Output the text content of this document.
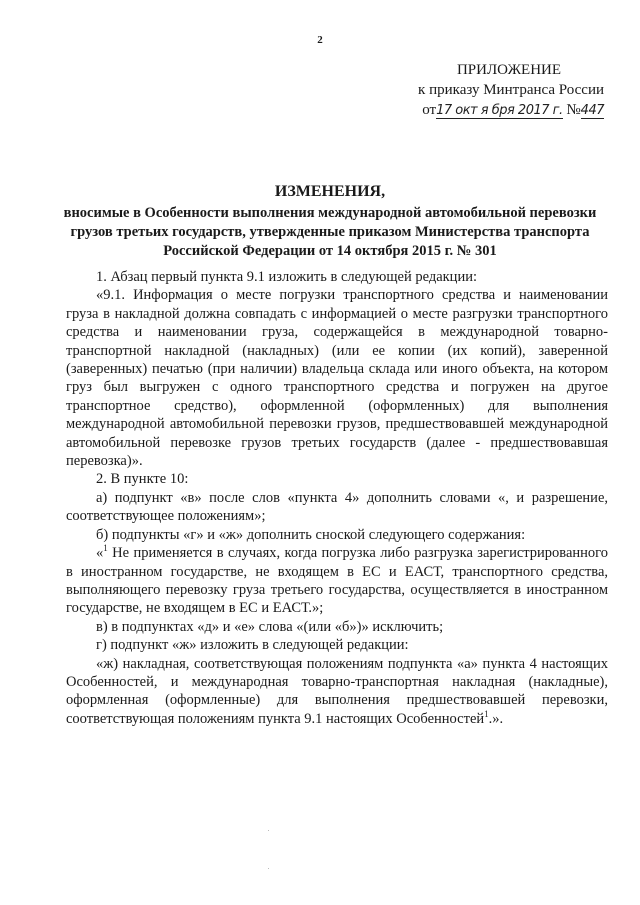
2
ПРИЛОЖЕНИЕ
к приказу Минтранса России
от17 окт я бря 2017 г. №447
ИЗМЕНЕНИЯ,
вносимые в Особенности выполнения международной автомобильной перевозки грузов третьих государств, утвержденные приказом Министерства транспорта Российской Федерации от 14 октября 2015 г. № 301

1. Абзац первый пункта 9.1 изложить в следующей редакции:

«9.1. Информация о месте погрузки транспортного средства и наименовании груза в накладной должна совпадать с информацией о месте разгрузки транспортного средства и наименовании груза, содержащейся в международной товарно-транспортной накладной (накладных) (или ее копии (их копий), заверенной (заверенных) печатью (при наличии) владельца склада или иного объекта, на котором груз был выгружен с одного транспортного средства и погружен на другое транспортное средство), оформленной (оформленных) для выполнения международной автомобильной перевозки грузов, предшествовавшей международной автомобильной перевозке грузов третьих государств (далее - предшествовавшая перевозка)».

2. В пункте 10:

а) подпункт «в» после слов «пункта 4» дополнить словами «, и разрешение, соответствующее положениям»;

б) подпункты «г» и «ж» дополнить сноской следующего содержания:

«$^1$ Не применяется в случаях, когда погрузка либо разгрузка зарегистрированного в иностранном государстве, не входящем в ЕС и ЕАСТ, транспортного средства, выполняющего перевозку груза третьего государства, осуществляется в иностранном государстве, не входящем в ЕС и ЕАСТ.»;

в) в подпунктах «д» и «е» слова «(или «б»)» исключить;

г) подпункт «ж» изложить в следующей редакции:

«ж) накладная, соответствующая положениям подпункта «а» пункта 4 настоящих Особенностей, и международная товарно-транспортная накладная (накладные), оформленная (оформленные) для выполнения предшествовавшей перевозки, соответствующая положениям пункта 9.1 настоящих Особенностей$^1$.».
